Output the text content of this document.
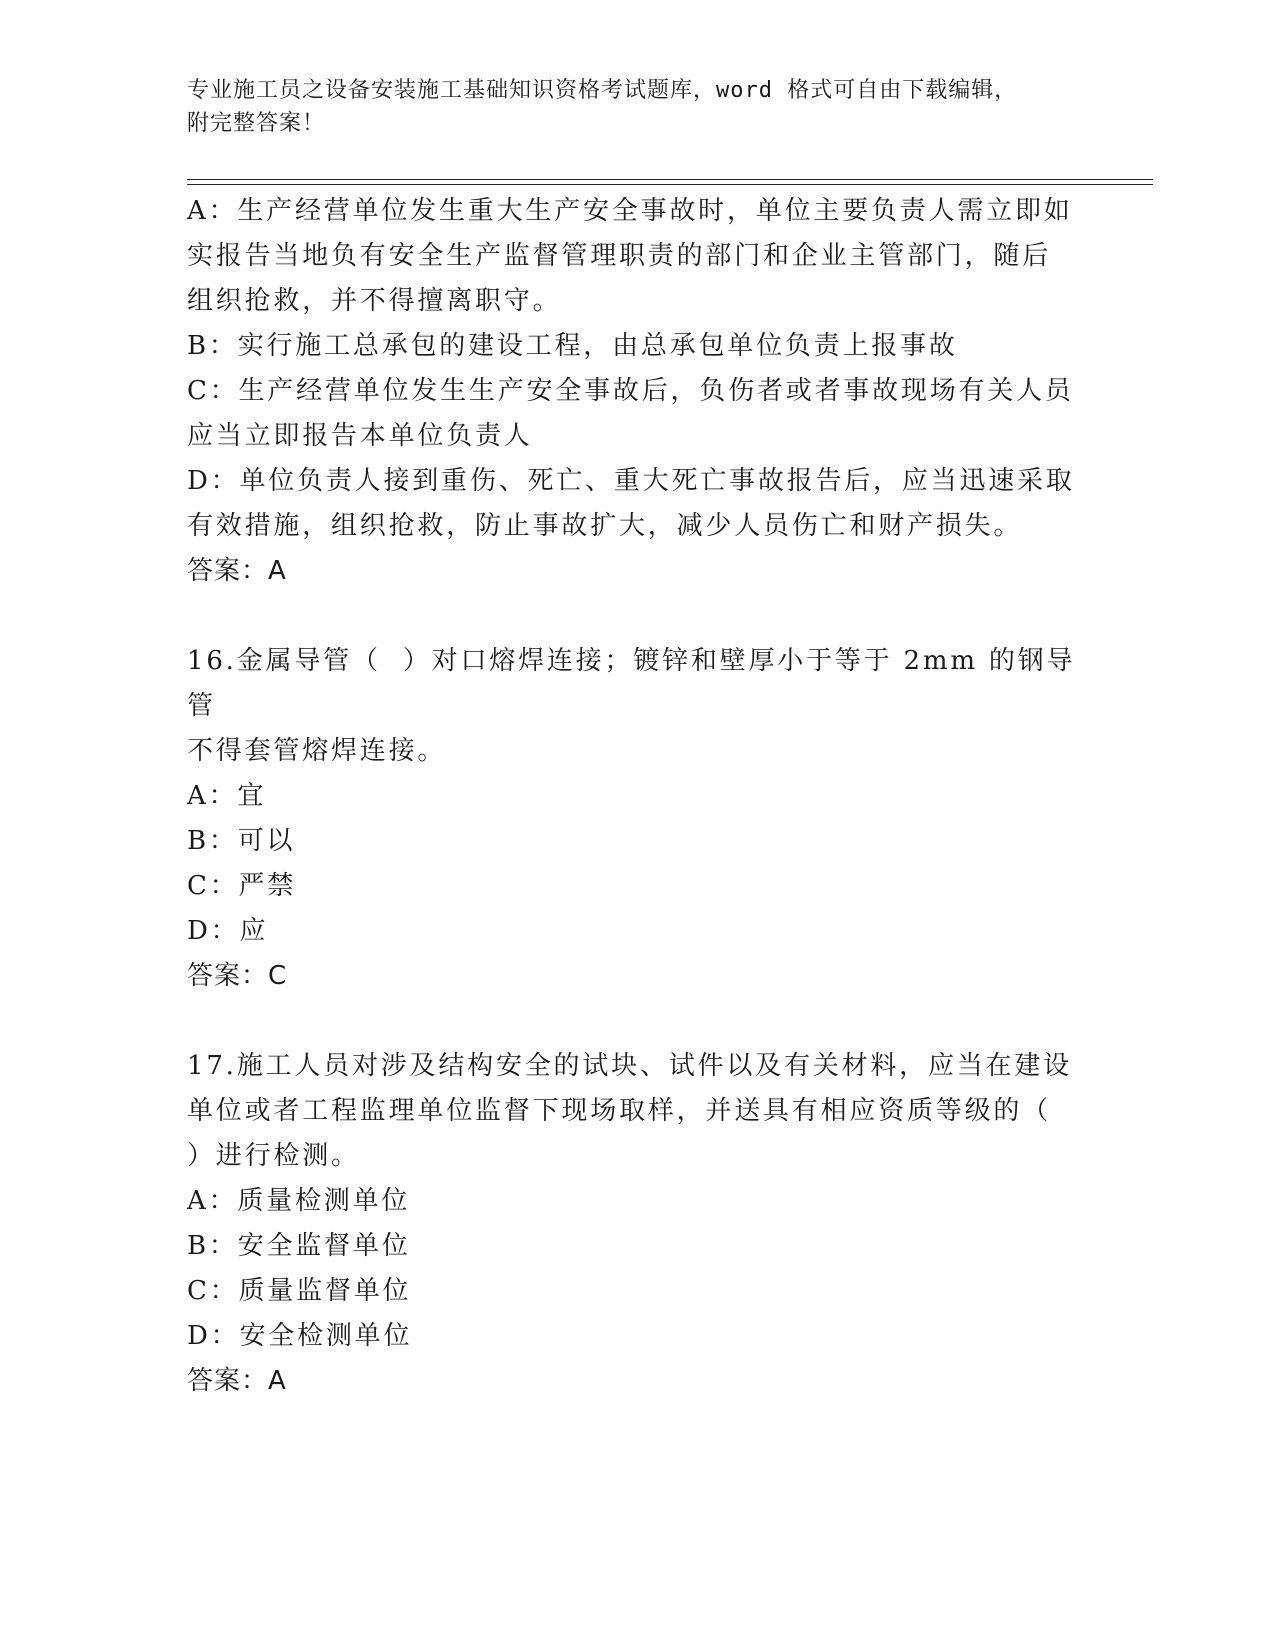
专业施工员之设备安装施工基础知识资格考试题库，word 格式可自由下载编辑，
附完整答案！
A：生产经营单位发生重大生产安全事故时，单位主要负责人需立即如
实报告当地负有安全生产监督管理职责的部门和企业主管部门，随后
组织抢救，并不得擅离职守。
B：实行施工总承包的建设工程，由总承包单位负责上报事故
C：生产经营单位发生生产安全事故后，负伤者或者事故现场有关人员
应当立即报告本单位负责人
D：单位负责人接到重伤、死亡、重大死亡事故报告后，应当迅速采取
有效措施，组织抢救，防止事故扩大，减少人员伤亡和财产损失。
答案：A
16.金属导管（  ）对口熔焊连接；镀锌和壁厚小于等于 2mm 的钢导管
不得套管熔焊连接。
A：宜
B：可以
C：严禁
D：应
答案：C
17.施工人员对涉及结构安全的试块、试件以及有关材料，应当在建设
单位或者工程监理单位监督下现场取样，并送具有相应资质等级的（
）进行检测。
A：质量检测单位
B：安全监督单位
C：质量监督单位
D：安全检测单位
答案：A
